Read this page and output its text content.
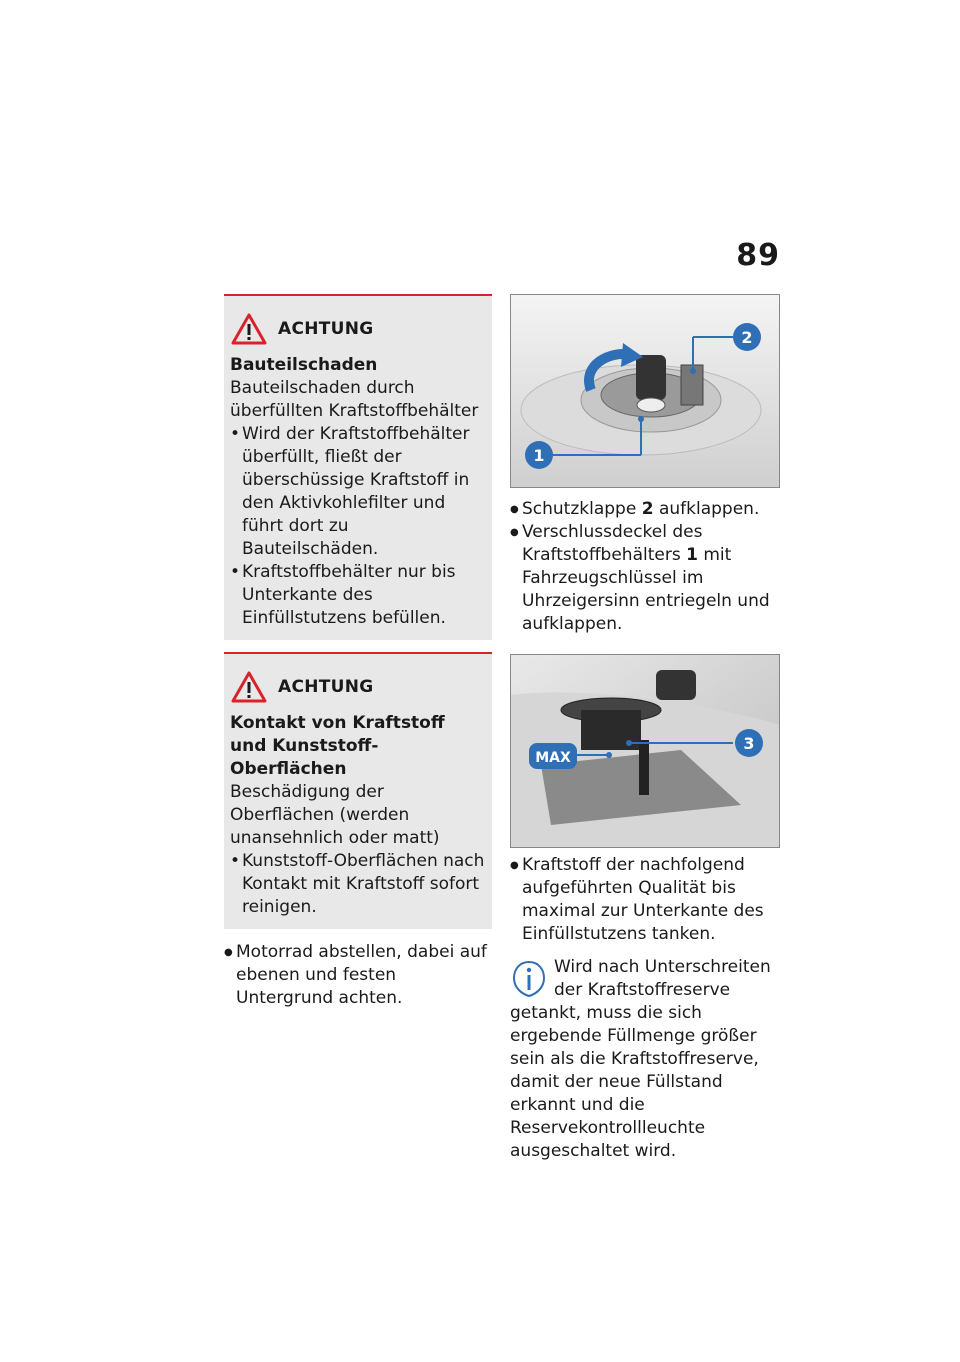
89
ACHTUNG
Bauteilschaden
Bauteilschaden durch überfüllten Kraftstoffbehälter
• Wird der Kraftstoffbehälter überfüllt, fließt der überschüssige Kraftstoff in den Aktivkohlefilter und führt dort zu Bauteilschäden.
• Kraftstoffbehälter nur bis Unterkante des Einfüllstutzens befüllen.
ACHTUNG
Kontakt von Kraftstoff und Kunststoff-Oberflächen
Beschädigung der Oberflächen (werden unansehnlich oder matt)
• Kunststoff-Oberflächen nach Kontakt mit Kraftstoff sofort reinigen.
● Motorrad abstellen, dabei auf ebenen und festen Untergrund achten.
1
2
● Schutzklappe 2 aufklappen.
● Verschlussdeckel des Kraftstoffbehälters 1 mit Fahrzeugschlüssel im Uhrzeigersinn entriegeln und aufklappen.
MAX
3
● Kraftstoff der nachfolgend aufgeführten Qualität bis maximal zur Unterkante des Einfüllstutzens tanken.
Wird nach Unterschreiten der Kraftstoffreserve getankt, muss die sich ergebende Füllmenge größer sein als die Kraftstoffreserve, damit der neue Füllstand erkannt und die Reservekontrollleuchte ausgeschaltet wird.
